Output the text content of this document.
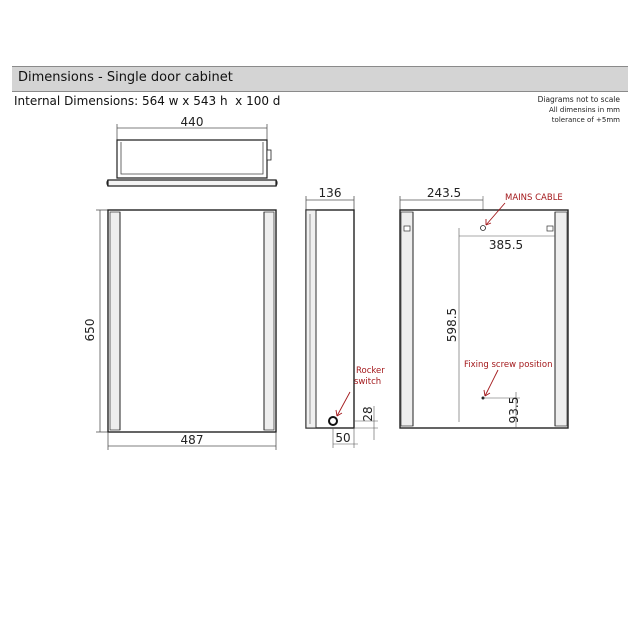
Dimensions - Single door cabinet
Internal Dimensions: 564 w x 543 h  x 100 d	Diagrams not to scale
All dimensins in mm
tolerance of +5mm
440
650
487
136
Rocker
switch
28
50
243.5	MAINS CABLE
385.5
598.5
Fixing screw position
93.5
